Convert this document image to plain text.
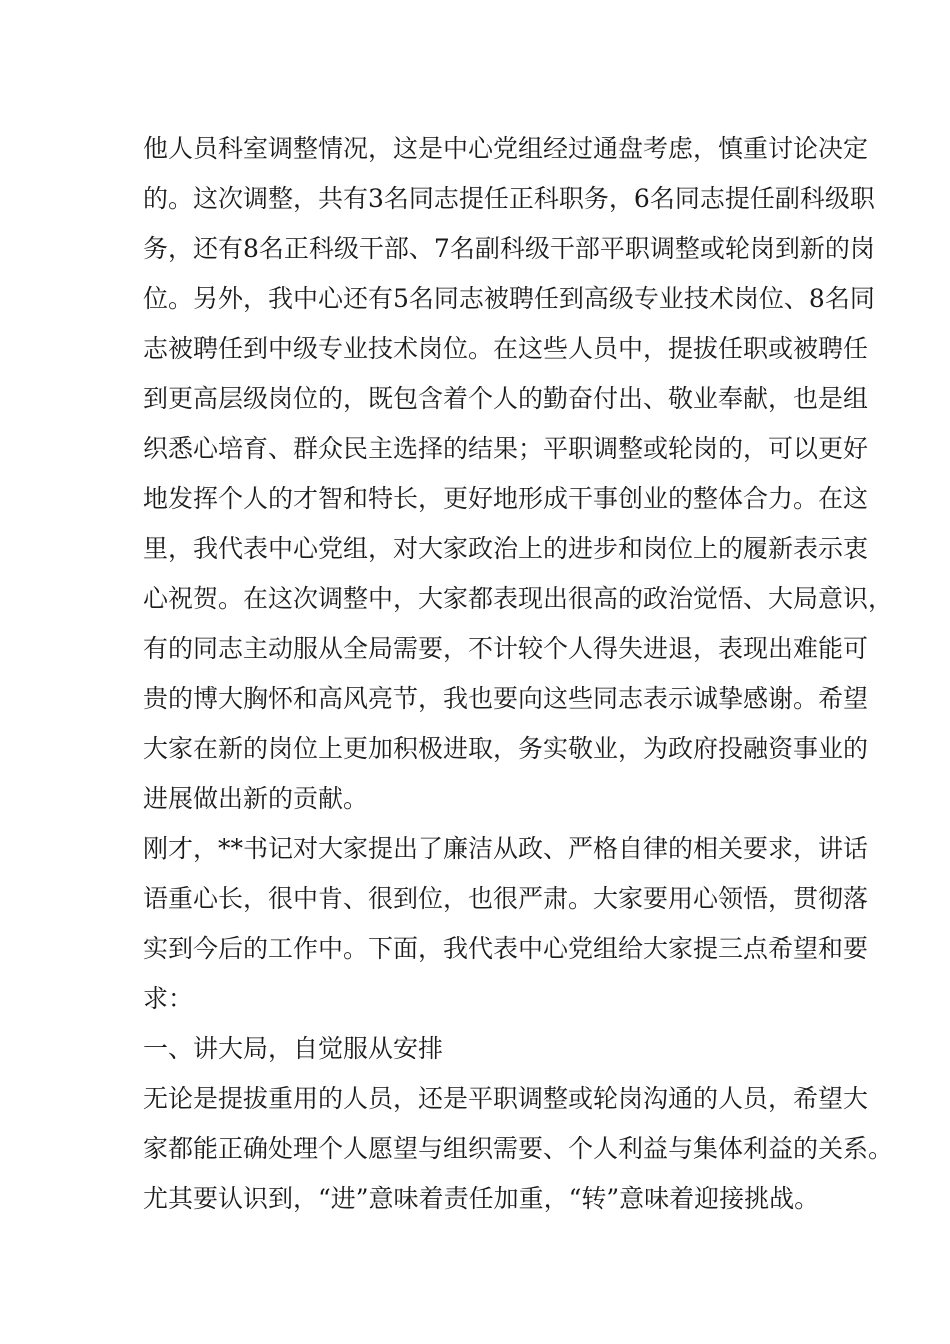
他人员科室调整情况，这是中心党组经过通盘考虑，慎重讨论决定

的。这次调整，共有3名同志提任正科职务，6名同志提任副科级职

务，还有8名正科级干部、7名副科级干部平职调整或轮岗到新的岗

位。另外，我中心还有5名同志被聘任到高级专业技术岗位、8名同

志被聘任到中级专业技术岗位。在这些人员中，提拔任职或被聘任

到更高层级岗位的，既包含着个人的勤奋付出、敬业奉献，也是组

织悉心培育、群众民主选择的结果；平职调整或轮岗的，可以更好

地发挥个人的才智和特长，更好地形成干事创业的整体合力。在这

里，我代表中心党组，对大家政治上的进步和岗位上的履新表示衷

心祝贺。在这次调整中，大家都表现出很高的政治觉悟、大局意识，

有的同志主动服从全局需要，不计较个人得失进退，表现出难能可

贵的博大胸怀和高风亮节，我也要向这些同志表示诚挚感谢。希望

大家在新的岗位上更加积极进取，务实敬业，为政府投融资事业的

进展做出新的贡献。

刚才，**书记对大家提出了廉洁从政、严格自律的相关要求，讲话

语重心长，很中肯、很到位，也很严肃。大家要用心领悟，贯彻落

实到今后的工作中。下面，我代表中心党组给大家提三点希望和要

求：

一、讲大局，自觉服从安排

无论是提拔重用的人员，还是平职调整或轮岗沟通的人员，希望大

家都能正确处理个人愿望与组织需要、个人利益与集体利益的关系。

尤其要认识到，“进”意味着责任加重，“转”意味着迎接挑战。
